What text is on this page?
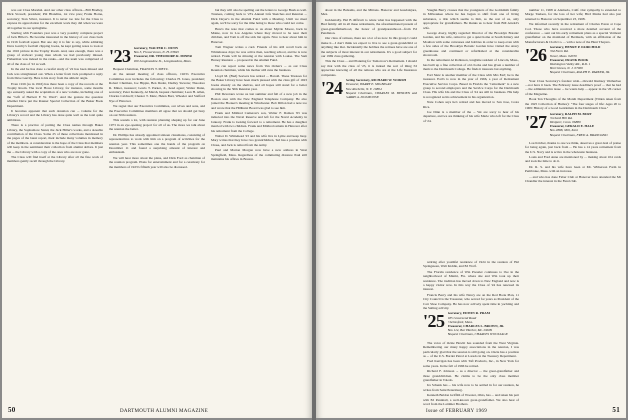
was our Class Marshal. And our other class officers—Bill Bradley, Dick Stowell, president; Pitt Blandins, 1st vice pres; Frank Horne, secretary; Stan Silver, treasurer. It is never too late for the Class to express its appreciation for the excellent work they did when we were all together in our springtime.

Starting with Founders year was a very possibly complete project of Jack Hiller's. He became interested in the history of our class back in 1916 football squad. But one day it is fair to say, while admiring Dave Garrity's football clipping books, he kept getting notes to look at the 1916 picture in the Trophy Room. And, sure enough, there was a group of stalwart young men whom we had previously missed. Fisherman was indeed in the ranks—and the team was comprised of all of the class of '22 as well.

In the end he has done a careful study of '22 has been missed and Jack was straightened out. When a letter from Jack prompted a reply from Dave Garrity. Here is his story from the athletic angle.

Even 1916 (as in 1916) has there been a copy of the records at the Trophy Room. The local Howe Library, for instance, some months ago earnestly asked the acquisition of a new volume, including one of the "Gift of Herbert F. W. Ward". And the gesture the question whether Dave put the Rauner Special Collection of the Baker Book Department.

It becomes apparent that such donation can ... volume for the Library's record and the Library has done quite well as the total quite ambitious.

There is a practice of putting the Class names through Baker Library, the Sophomore Stand, the Jack Hiller's works, and a sizeable contribution of the Class. Some 25 of these collections mentioned in the pages of the latest report, their include many volumes in memory of the members. A consideration is the hope of the Class that members will keep in the sentiment their collection from alumni dollars. It just the ... the Library with a copy of the ones who are now gone.

The Class will find itself at the Library after all the fine work of members gently recall through the Library.

'23 Secretary, WALTER C. DUNN
Box 3, Flowerstown, N. H. 03845

Treasurer, DR. THEODORE R. MINER
960 Longmeadow St., Longmeadow, Mass.

Bequest Chairman, FRANCIS T. METZ.

At the annual meeting of class officers, 1923's Executive Committee now includes the following: Charles H. Jones, president; Robert Chutman, Joe Hipple, Ben Dudar, Dudley Stevens; Theodore R. Miner, treasurer; Lewis T. Parker, Jr., head agent; Walter Dunn, secretary; Peter Kennedy, Al Marsh, bequest chairman; Leon H. Allen, Charles Caldwell; Chester T. Metz, Helen Burt, Wheeler and Stafford Nye of Hanover.

We regret that our Executive Committee, our wives and sons, and the Executive Committee members all agree that we should get busy on our 50th reunion.

This sounds a lot, with reunion planning shaping up for our June 1973 in an eye-opening project for all of us. The more we talk about the reunion the better.

Dr. Phillips has already appointed sixteen classmates, consisting of representatives to work with him on a program of activities for the reunion year. This sometimes one the hands of the program on December 11 and found a surprising amount of interest and enthusiasm.

We will hear more about the plans, and Dick Ford as chairman of the reunion program. Plans for entertainment and for a ceremony for the members of 1923's fiftieth year will also be discussed.

but they will also be spelling out the letters to George Bush as well. Trustees, coming back to '23's Annual Life Sketches and Reunion ... Dick Deyer's in the Alumni Fund with a Meeting. Until we meet again, we'll be sorry for the time being to those who could not come.

Here's the note that comes to us about Myrtle Moore, back in Maine, now in Los Angeles where they moved to be near their children, and Tom is off the sick list again. Nice to hear about him in Hanover.

Tom Wagner writes a card. Friends of his still recall back on Whitehouse days; he was active then, teaching school, and he is now retired. Frank will be missing at the reunion with Louise. The Sam Hersey Reunion ... proposed in the Alumni Fund.

We can report some news from Van Orden's ... as our Class Reunion chairman, while his mother still runs the business.

Lloyd M. (Bud) Seevers has retired ... Harold. These Trustees for the Baker Library have been much pleased with the class gift of 1923 books already on the shelves, and all hopes still stand for a better showing in the 50th Reunion year.

Phil Deveraux wrote us last summer and fall of a new job in the Boston area with the New England Telephone Company. He also joined the Hooker's meeting in Winchester. Bob Dillon had a note too and wrote that the Hillhurst Board was glad to see him.

Frank and Mildred Cameron's son, Walter F. Damon '63 was inducted into the Naval Reserve and left for the Naval Academy in January. Frank is looking forward to a retirement. He has a daughter married with two children. Frank and Mildred remain in Hanover after his retirement from the College.

Walter D. Whitehead '23 and his wife live in Lyme and keep busy. Mary writes that they have two grandchildren, Ted has a position with Chase, and Jack is retired from the Army.

Paul and Marion Morgan now have a new address in West Springfield, Mass. Regardless of the commuting distance Paul still maintains his offices in Boston.

50	DARTMOUTH ALUMNI MAGAZINE

about in the Balsams, and the Mittans. Hanover and Guadalajara, Mex.

Incidentally. Hal B difficult to relate what has happened with the Bud family. All in all these retirements, the aforementioned present of great-grandfatherhood, the honor of grandparenthood—from Ed Pendleton.

Our class of retirees, there are a lot of us now. In this group I could make it—I don't think we expect to live to see a great-grandchild or anything like that. Incidentally the hobbies the retirees have are one of the subjects of most interest in our retirements. It's a good subject for our 1969 class gathering.

This the Class ... and Planning for Tomorrow's Retirement. I should say that with the class of '23, it is indeed the sort of thing I'd appreciate knowing of all the retirees who are at the Life Insurance companies.

'24 Acting Secretary, RICHARD W. WORSH
Treasurer, HARRY E. MIGBIGAN
New Rochelle, N. Y. 10804
Bequest Chairman, CHARLES M. BENDEN and GARRY A. DOLMOOSE

Vaughn Berry crosses that the youngsters of the Goldsmith family in Milwaukee where he has begun to shift from one of living substance, a title which seems to him, as the rest of us, only appropriate for grandfathers. He thanks us to hear from Bill Arnold's wife.

George Avery, highly regarded Director of the Brooklyn Botanic Garden, and his wife, retired to get a quiet home at South Kittery and Moulton with some canvasses and hobbies in order to keep even with a few sides of the Brooklyn Botanic Garden have visited the Avery greenhouse and continued or refurbished at the considerable showroom.

In the retirement Al Robinson, longtime resident of Lincoln, Mass., has built up a fine collection of old clocks and has given a number of them to the Dartmouth College. He finds it interests but anything.

Earl Stutz is another member of the Class with Mrs Earl; he is the treasurer. Earl's is now in the year of 1966, a year of Retirement Executive Service Corps. Based in Florida the "retirement" is a new group to second employers and the Service Corps for the Dartmouth Class. His wife Ida and the Class of '24 are still in business. His help is recognized as his achievement in his organization.

Nate Cohen says he's retired and has moved to San Jose, Costa Rica.

Joe Dinn is a member of the ... We are sorry to hear of his departure, and we are thinking of his wife Marie who left for the Class of '24.

number 11, 1968 at Alameda, Calif. Our sympathy is extended to Marge Taulsen, for the loss of her wife; Bird Marks had also just returned to Hanover on September 23, 1968.

We informed recently in the retirement of Charles Eaton at Cape Cod. Those who have received a more detailed account of the conference ... sent out his early retirement plans as a special Vermont grandfather on the mainland of Bermuda, with an affiliation of the Manufacturers & Cloth Co. ... with a note of the Hunt Thayers.

'26 Secretary, HENRY P. FAIRCHILD
Old Farm Rd.
Dover, Mass. 02030

Treasurer, FRANK BOOK
Washington Valley Rd., R.D. 1
Morristown, N. J. 07960
Bequest Chairman, RALPH E. PARKER, JR.

Your Class Secretary's fondest wish—Oswald Rumsey Wetherbee—not have it been. The February issue deadline's proof ... that he had ... the administrative issue ... he wants help ... appear in the '26 corner of the Magazine.

Book Ten Thoughts of the Month Department (Tilden taken from the 1925 Collection of Humor): "The four stages of life: Ages 20 to 1969: History of a Good Gentleman in the Dartmouth Class."

'27 Secretary, RALPH M. BURT
Orchard Hill Rd.
Westport, Conn. 06880

Treasurer, GERALD E. HALE
Box 2888, Mill, Kent
Bequest Chairman, FRED A. BRANOAND

Lou Kricher, thanks to one we think, deserves a great deal of praise for being again, just back from ... He has a 14 years retirement from the U.S. Navy and is active in the wholesale business.

Louis and Fred Anne are mentioned by ... making about 104 cards and took the time to do it.

Dr. R. S. and his wife have been at Mt. Witherson Farm in Pembroke, Mass. with an increase.

... and who has done Faber Club at Hanover have attended the Mr Chandler the interest in the Fund club.

retiring after youthful residence of 1924 in the reunion of Hal Springsteen, Walt Kiddle, and Ed Wolf.

The Florida residence of Win Pressler continues to live in the neighborhood of Miami, Fla. where she and Win took up their residence. The tradition has moved down to New England and now is a happy visitor now. In this way the Class of '24 has renewed its interest.

Francis Berry and his wife Nancy are on the Red Book Plan, 11 City Council is the Treasurer, who served for years as President of the Carr Shoe Company. He has now actively spent time in yachting and the Sailing activity.

'25 Secretary, EDWIN R. PRAM
185 Gravesend Road
Chelmsford, Mass.

Treasurer, CHARLES L. BROWN, JR.
Box 114, Bar Harbor, Me. 04609
Bequest Chairman, CHARLES WOOLSAGE

The voice of Ozzie Hewitt has sounded from the West Virginia. Remembering our many happy associations in the reunion, I was particularly glad that the session is still going on. Ozzie has a position as ... of the U.S. Border Patrol at Laredo in the Treasury Department.

Fred Kerrigan has been with Taft Products, Inc., in New York for some years. In the fall of 1966 he retired.

Richard F. Johnson ... as a director ... the great-grandfather and three grandchildren. He claims to be the only class member grandfather in Toledo.

Ira Schenk has ... his wife now to be settled in for our reunion, he writes from Saint Petersburg.

Kenneth Beldon Griffith of Wooster, Ohio, has ... and taken his part with Ed Pennhall, a well-known great-grandfather. We also hear of word from the Lattimer Brothers.

Issue of FEBRUARY 1969	51
